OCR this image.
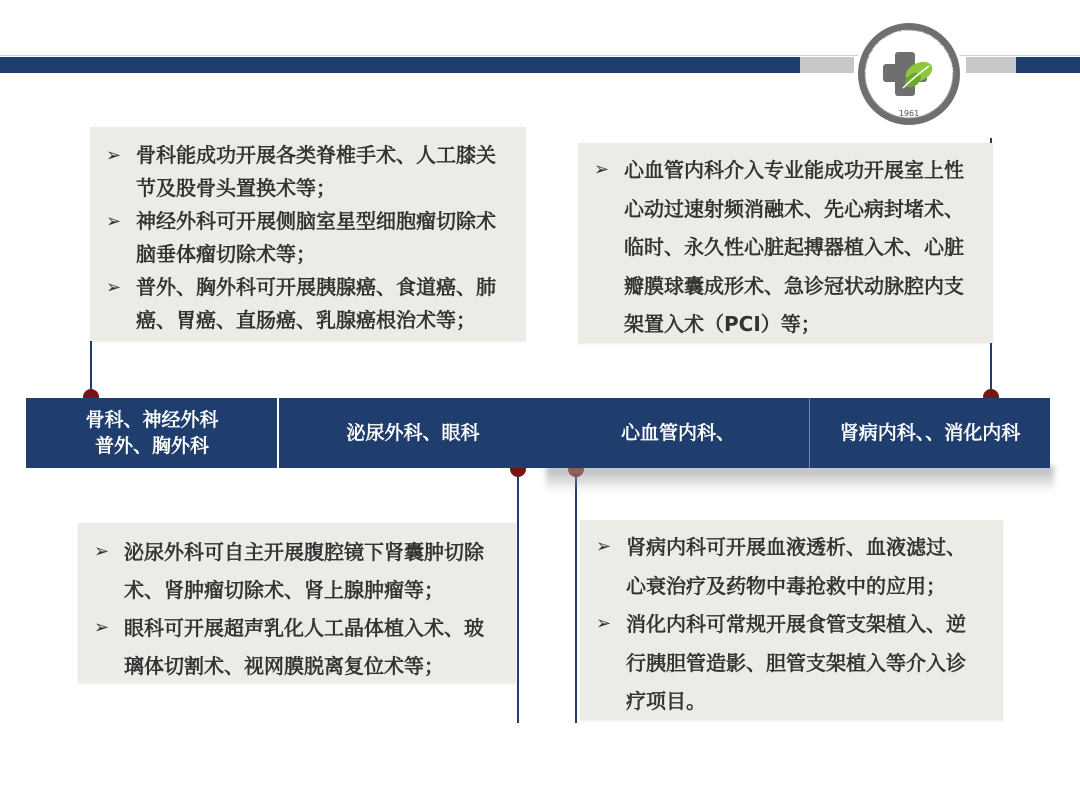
金川集团职工医院 · 金昌市中心医院
1961
➢ 骨科能成功开展各类脊椎手术、人工膝关
节及股骨头置换术等；
➢ 神经外科可开展侧脑室星型细胞瘤切除术
脑垂体瘤切除术等；
➢ 普外、胸外科可开展胰腺癌、食道癌、肺
癌、胃癌、直肠癌、乳腺癌根治术等；
➢ 心血管内科介入专业能成功开展室上性
心动过速射频消融术、先心病封堵术、
临时、永久性心脏起搏器植入术、心脏
瓣膜球囊成形术、急诊冠状动脉腔内支
架置入术（PCI）等；
骨科、神经外科
普外、胸外科
泌尿外科、眼科	心血管内科、	肾病内科、、消化内科
➢ 泌尿外科可自主开展腹腔镜下肾囊肿切除
术、肾肿瘤切除术、肾上腺肿瘤等；
➢ 眼科可开展超声乳化人工晶体植入术、玻
璃体切割术、视网膜脱离复位术等；
➢ 肾病内科可开展血液透析、血液滤过、
心衰治疗及药物中毒抢救中的应用；
➢ 消化内科可常规开展食管支架植入、逆
行胰胆管造影、胆管支架植入等介入诊
疗项目。
